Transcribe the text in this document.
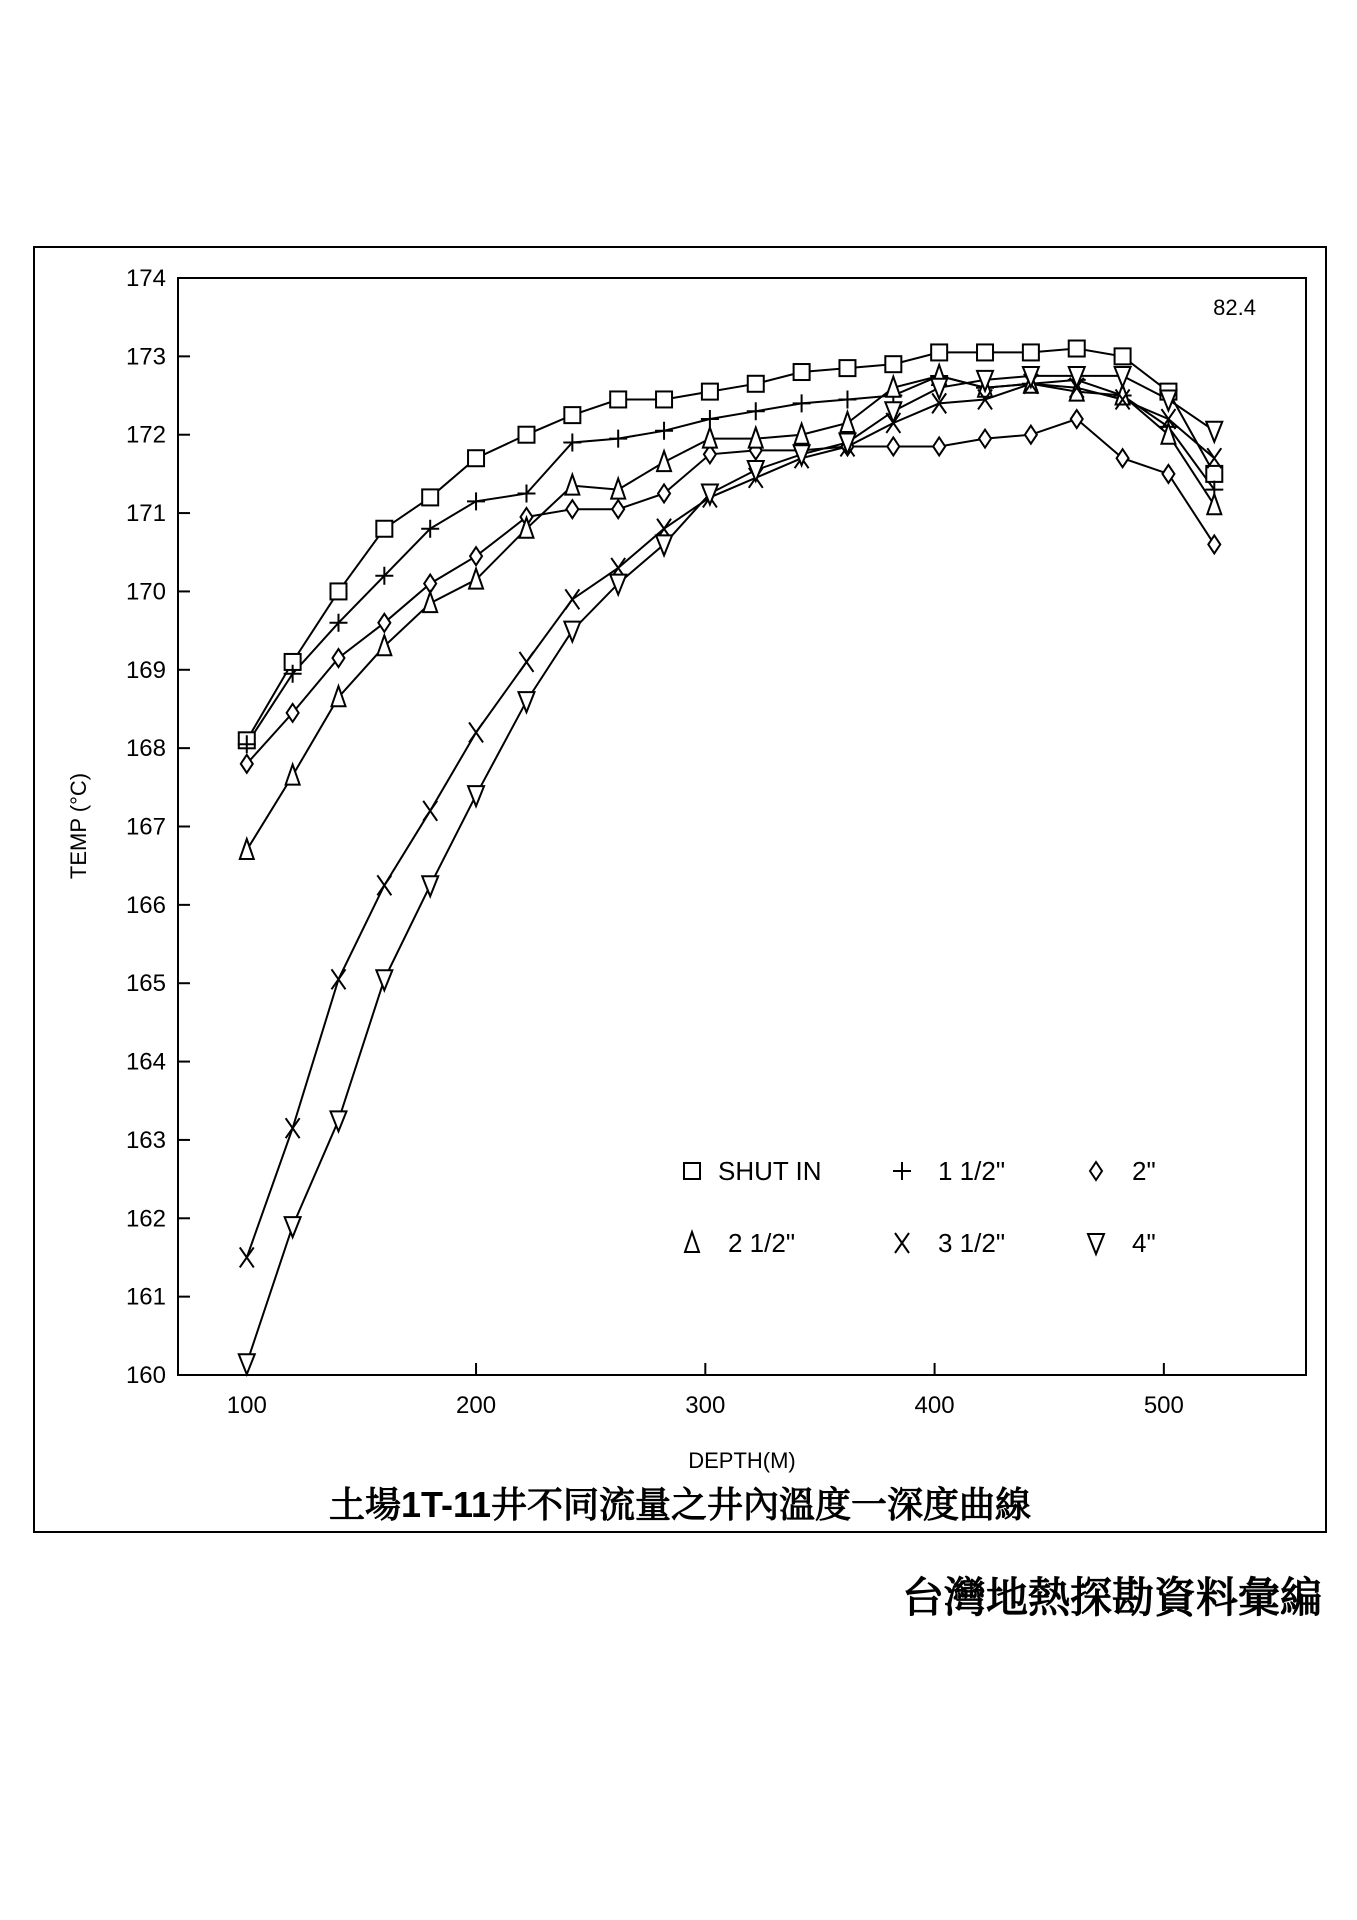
160
161
162
163
164
165
166
167
168
169
170
171
172
173
174
100	200	300	400	500
SHUT IN	1 1/2"	2"
2 1/2"	3 1/2"	4"
82.4
DEPTH(M)
TEMP (°C)
土場1T-11井不同流量之井內溫度一深度曲線
台灣地熱探勘資料彙編
